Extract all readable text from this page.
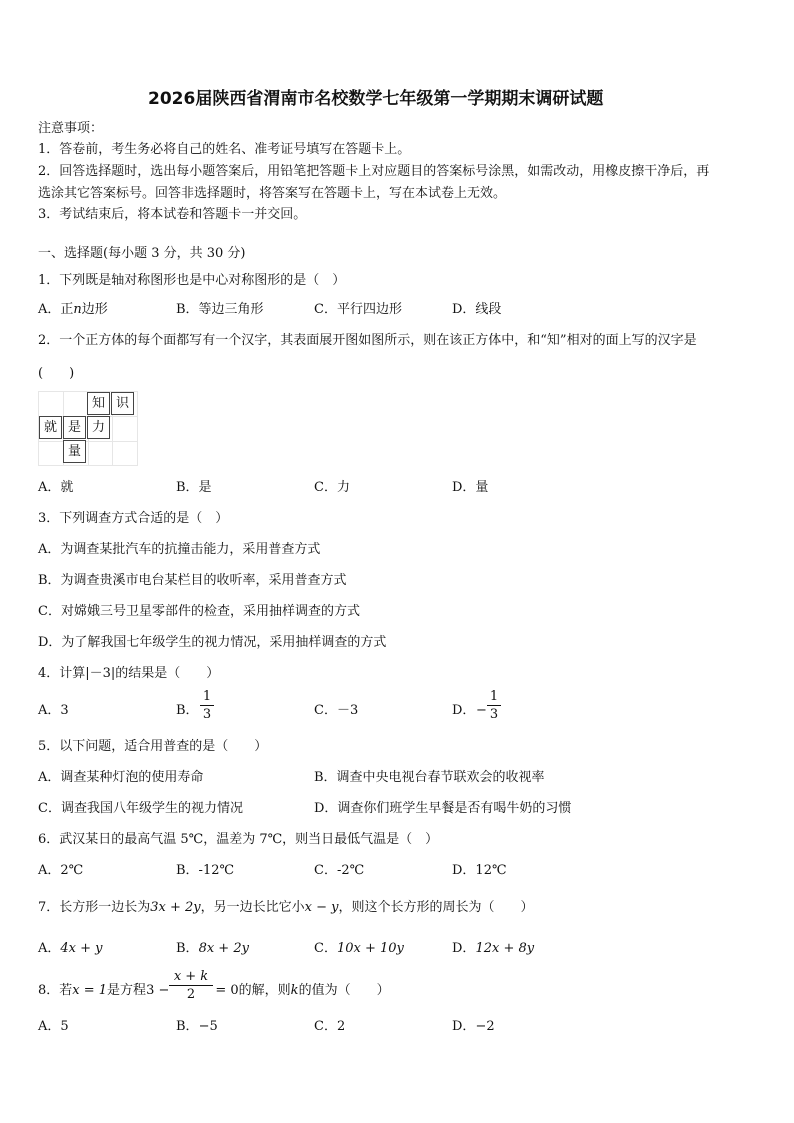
2026届陕西省渭南市名校数学七年级第一学期期末调研试题
注意事项：
1．答卷前，考生务必将自己的姓名、准考证号填写在答题卡上。
2．回答选择题时，选出每小题答案后，用铅笔把答题卡上对应题目的答案标号涂黑，如需改动，用橡皮擦干净后，再
选涂其它答案标号。回答非选择题时，将答案写在答题卡上，写在本试卷上无效。
3．考试结束后，将本试卷和答题卡一并交回。
一、选择题(每小题 3 分，共 30 分)
1．下列既是轴对称图形也是中心对称图形的是（　）
A．正n边形	B．等边三角形	C．平行四边形	D．线段
2．一个正方体的每个面都写有一个汉字，其表面展开图如图所示，则在该正方体中，和“知”相对的面上写的汉字是
(　　)
知 识
就 是 力
量
A．就	B．是	C．力	D．量
3．下列调查方式合适的是（　）
A．为调查某批汽车的抗撞击能力，采用普查方式
B．为调查贵溪市电台某栏目的收听率，采用普查方式
C．对嫦娥三号卫星零部件的检查，采用抽样调查的方式
D．为了解我国七年级学生的视力情况，采用抽样调查的方式
4．计算|－3|的结果是（　　）
A．3	B．
1
3	C．－3	D． −
1
3
5．以下问题，适合用普查的是（　　）
A．调查某种灯泡的使用寿命	B．调查中央电视台春节联欢会的收视率
C．调查我国八年级学生的视力情况	D．调查你们班学生早餐是否有喝牛奶的习惯
6．武汉某日的最高气温 5℃，温差为 7℃，则当日最低气温是（　）
A．2℃	B．-12℃	C．-2℃	D．12℃
7．长方形一边长为3x + 2y，另一边长比它小x − y，则这个长方形的周长为（　　）
A．4x + y	B．8x + 2y	C．10x + 10y	D．12x + 8y
8．若x = 1是方程3 −	= 0的解，则k的值为（　　）
x + k
2
A．5	B．−5	C．2	D．−2
